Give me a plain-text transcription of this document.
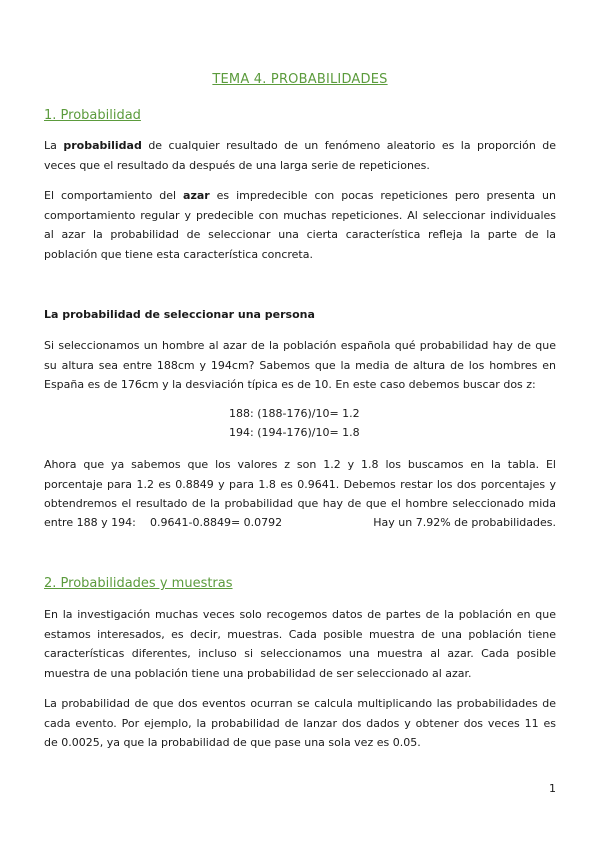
TEMA 4. PROBABILIDADES
1. Probabilidad
La probabilidad de cualquier resultado de un fenómeno aleatorio es la proporción de
veces que el resultado da después de una larga serie de repeticiones.
El comportamiento del azar es impredecible con pocas repeticiones pero presenta un
comportamiento regular y predecible con muchas repeticiones. Al seleccionar individuales
al azar la probabilidad de seleccionar una cierta característica refleja la parte de la
población que tiene esta característica concreta.
La probabilidad de seleccionar una persona
Si seleccionamos un hombre al azar de la población española qué probabilidad hay de que
su altura sea entre 188cm y 194cm? Sabemos que la media de altura de los hombres en
España es de 176cm y la desviación típica es de 10. En este caso debemos buscar dos z:
188: (188-176)/10= 1.2
194: (194-176)/10= 1.8
Ahora que ya sabemos que los valores z son 1.2 y 1.8 los buscamos en la tabla. El
porcentaje para 1.2 es 0.8849 y para 1.8 es 0.9641. Debemos restar los dos porcentajes y
obtendremos el resultado de la probabilidad que hay de que el hombre seleccionado mida
entre 188 y 194: 0.9641-0.8849= 0.0792	Hay un 7.92% de probabilidades.
2. Probabilidades y muestras
En la investigación muchas veces solo recogemos datos de partes de la población en que
estamos interesados, es decir, muestras. Cada posible muestra de una población tiene
características diferentes, incluso si seleccionamos una muestra al azar. Cada posible
muestra de una población tiene una probabilidad de ser seleccionado al azar.
La probabilidad de que dos eventos ocurran se calcula multiplicando las probabilidades de
cada evento. Por ejemplo, la probabilidad de lanzar dos dados y obtener dos veces 11 es
de 0.0025, ya que la probabilidad de que pase una sola vez es 0.05.
1
